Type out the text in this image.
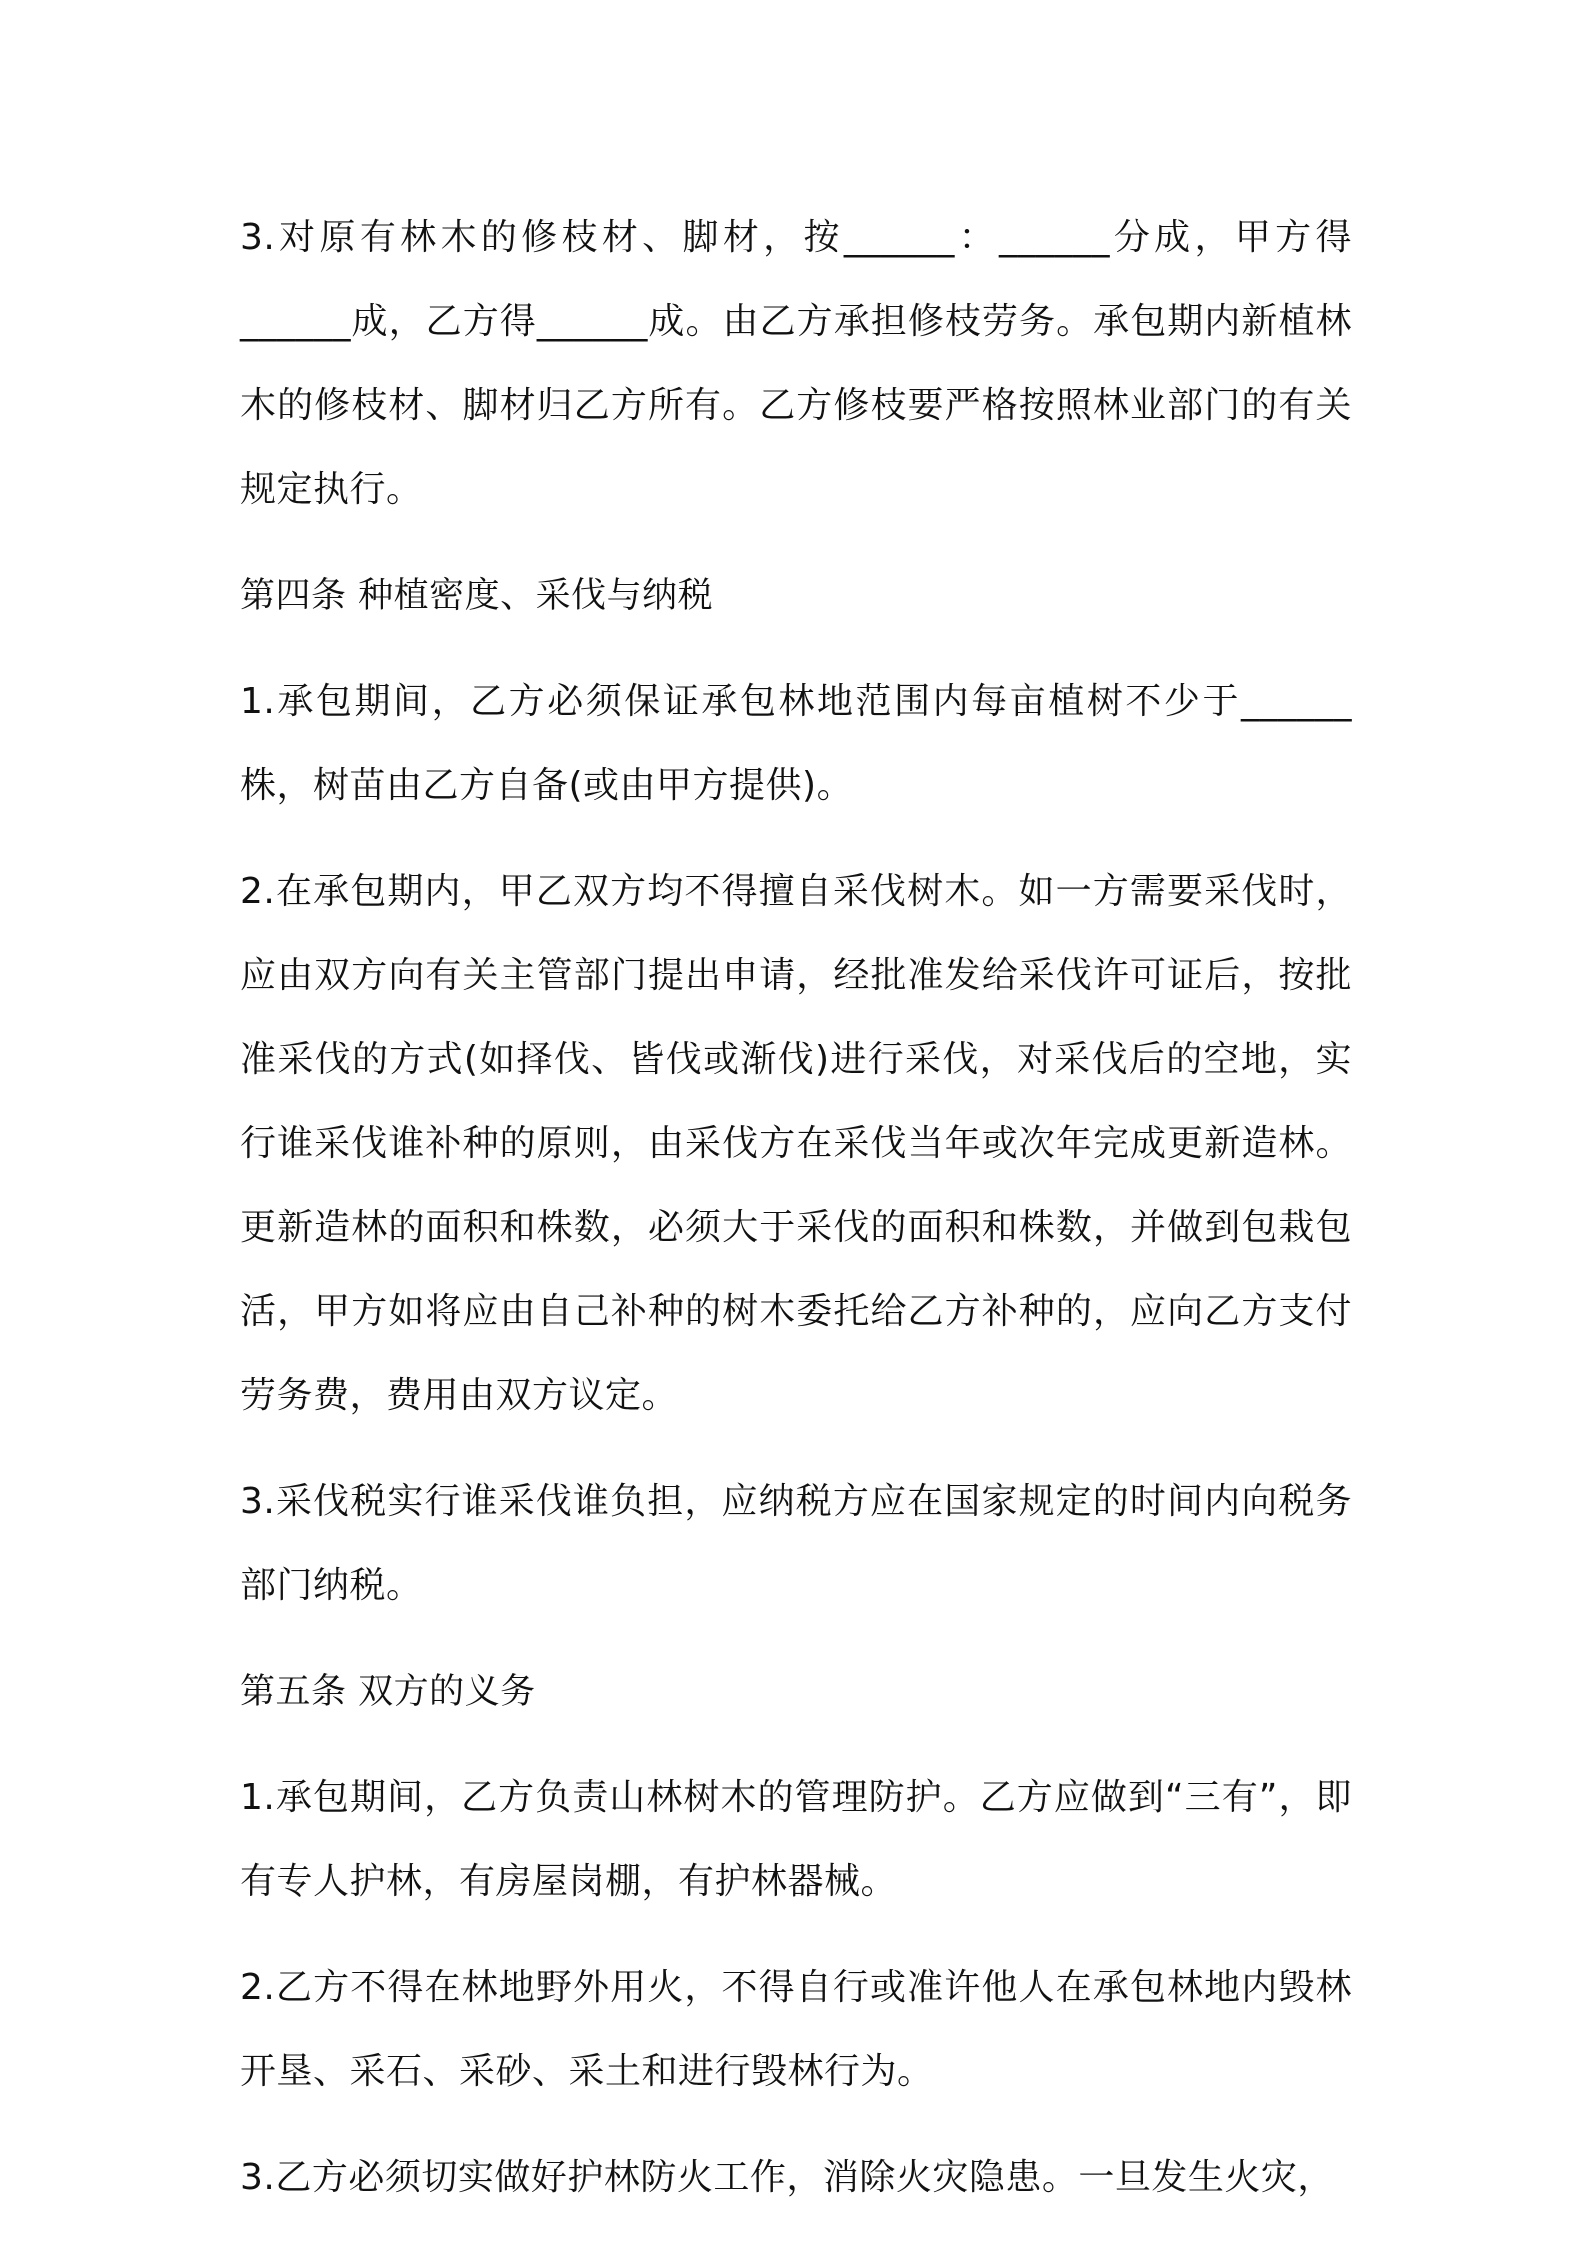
3.对原有林木的修枝材、脚材，按______：______分成，甲方得______成，乙方得______成。由乙方承担修枝劳务。承包期内新植林木的修枝材、脚材归乙方所有。乙方修枝要严格按照林业部门的有关规定执行。

第四条 种植密度、采伐与纳税

1.承包期间，乙方必须保证承包林地范围内每亩植树不少于______株，树苗由乙方自备(或由甲方提供)。

2.在承包期内，甲乙双方均不得擅自采伐树木。如一方需要采伐时，应由双方向有关主管部门提出申请，经批准发给采伐许可证后，按批准采伐的方式(如择伐、皆伐或渐伐)进行采伐，对采伐后的空地，实行谁采伐谁补种的原则，由采伐方在采伐当年或次年完成更新造林。更新造林的面积和株数，必须大于采伐的面积和株数，并做到包栽包活，甲方如将应由自己补种的树木委托给乙方补种的，应向乙方支付劳务费，费用由双方议定。

3.采伐税实行谁采伐谁负担，应纳税方应在国家规定的时间内向税务部门纳税。

第五条 双方的义务

1.承包期间，乙方负责山林树木的管理防护。乙方应做到“三有”，即有专人护林，有房屋岗棚，有护林器械。

2.乙方不得在林地野外用火，不得自行或准许他人在承包林地内毁林开垦、采石、采砂、采土和进行毁林行为。

3.乙方必须切实做好护林防火工作，消除火灾隐患。一旦发生火灾，
